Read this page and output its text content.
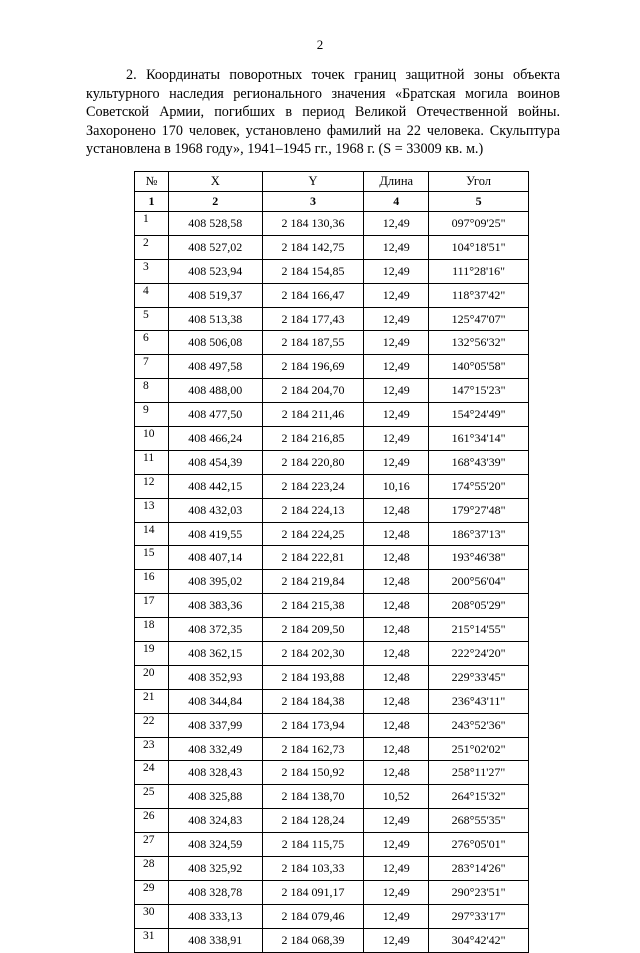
2
2. Координаты поворотных точек границ защитной зоны объекта культурного наследия регионального значения «Братская могила воинов Советской Армии, погибших в период Великой Отечественной войны. Захоронено 170 человек, установлено фамилий на 22 человека. Скульптура установлена в 1968 году», 1941–1945 гг., 1968 г. (S = 33009 кв. м.)
№	X	Y	Длина	Угол
1	2	3	4	5
1	408 528,58	2 184 130,36	12,49	097°09'25"
2	408 527,02	2 184 142,75	12,49	104°18'51"
3	408 523,94	2 184 154,85	12,49	111°28'16"
4	408 519,37	2 184 166,47	12,49	118°37'42"
5	408 513,38	2 184 177,43	12,49	125°47'07"
6	408 506,08	2 184 187,55	12,49	132°56'32"
7	408 497,58	2 184 196,69	12,49	140°05'58"
8	408 488,00	2 184 204,70	12,49	147°15'23"
9	408 477,50	2 184 211,46	12,49	154°24'49"
10	408 466,24	2 184 216,85	12,49	161°34'14"
11	408 454,39	2 184 220,80	12,49	168°43'39"
12	408 442,15	2 184 223,24	10,16	174°55'20"
13	408 432,03	2 184 224,13	12,48	179°27'48"
14	408 419,55	2 184 224,25	12,48	186°37'13"
15	408 407,14	2 184 222,81	12,48	193°46'38"
16	408 395,02	2 184 219,84	12,48	200°56'04"
17	408 383,36	2 184 215,38	12,48	208°05'29"
18	408 372,35	2 184 209,50	12,48	215°14'55"
19	408 362,15	2 184 202,30	12,48	222°24'20"
20	408 352,93	2 184 193,88	12,48	229°33'45"
21	408 344,84	2 184 184,38	12,48	236°43'11"
22	408 337,99	2 184 173,94	12,48	243°52'36"
23	408 332,49	2 184 162,73	12,48	251°02'02"
24	408 328,43	2 184 150,92	12,48	258°11'27"
25	408 325,88	2 184 138,70	10,52	264°15'32"
26	408 324,83	2 184 128,24	12,49	268°55'35"
27	408 324,59	2 184 115,75	12,49	276°05'01"
28	408 325,92	2 184 103,33	12,49	283°14'26"
29	408 328,78	2 184 091,17	12,49	290°23'51"
30	408 333,13	2 184 079,46	12,49	297°33'17"
31	408 338,91	2 184 068,39	12,49	304°42'42"
